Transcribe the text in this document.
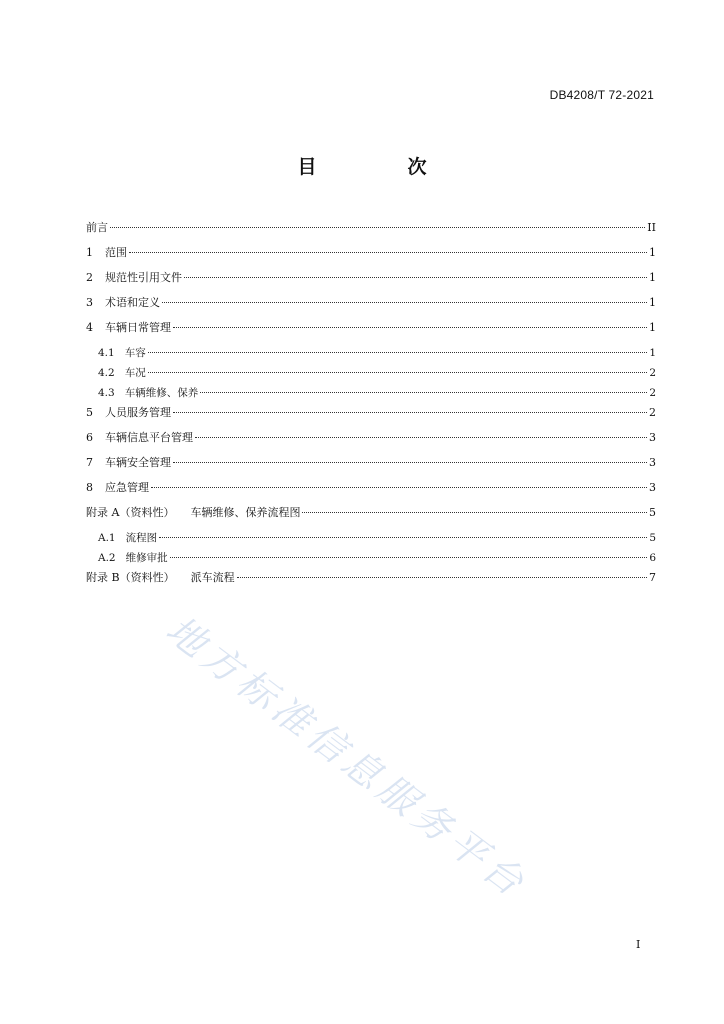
DB4208/T 72-2021
目　次
前言	II
1 范围	1
2 规范性引用文件	1
3 术语和定义	1
4 车辆日常管理	1
4.1 车容	1
4.2 车况	2
4.3 车辆维修、保养	2
5 人员服务管理	2
6 车辆信息平台管理	3
7 车辆安全管理	3
8 应急管理	3
附录 A（资料性） 车辆维修、保养流程图	5
A.1 流程图	5
A.2 维修审批	6
附录 B（资料性） 派车流程	7
地方标准信息服务平台
I
